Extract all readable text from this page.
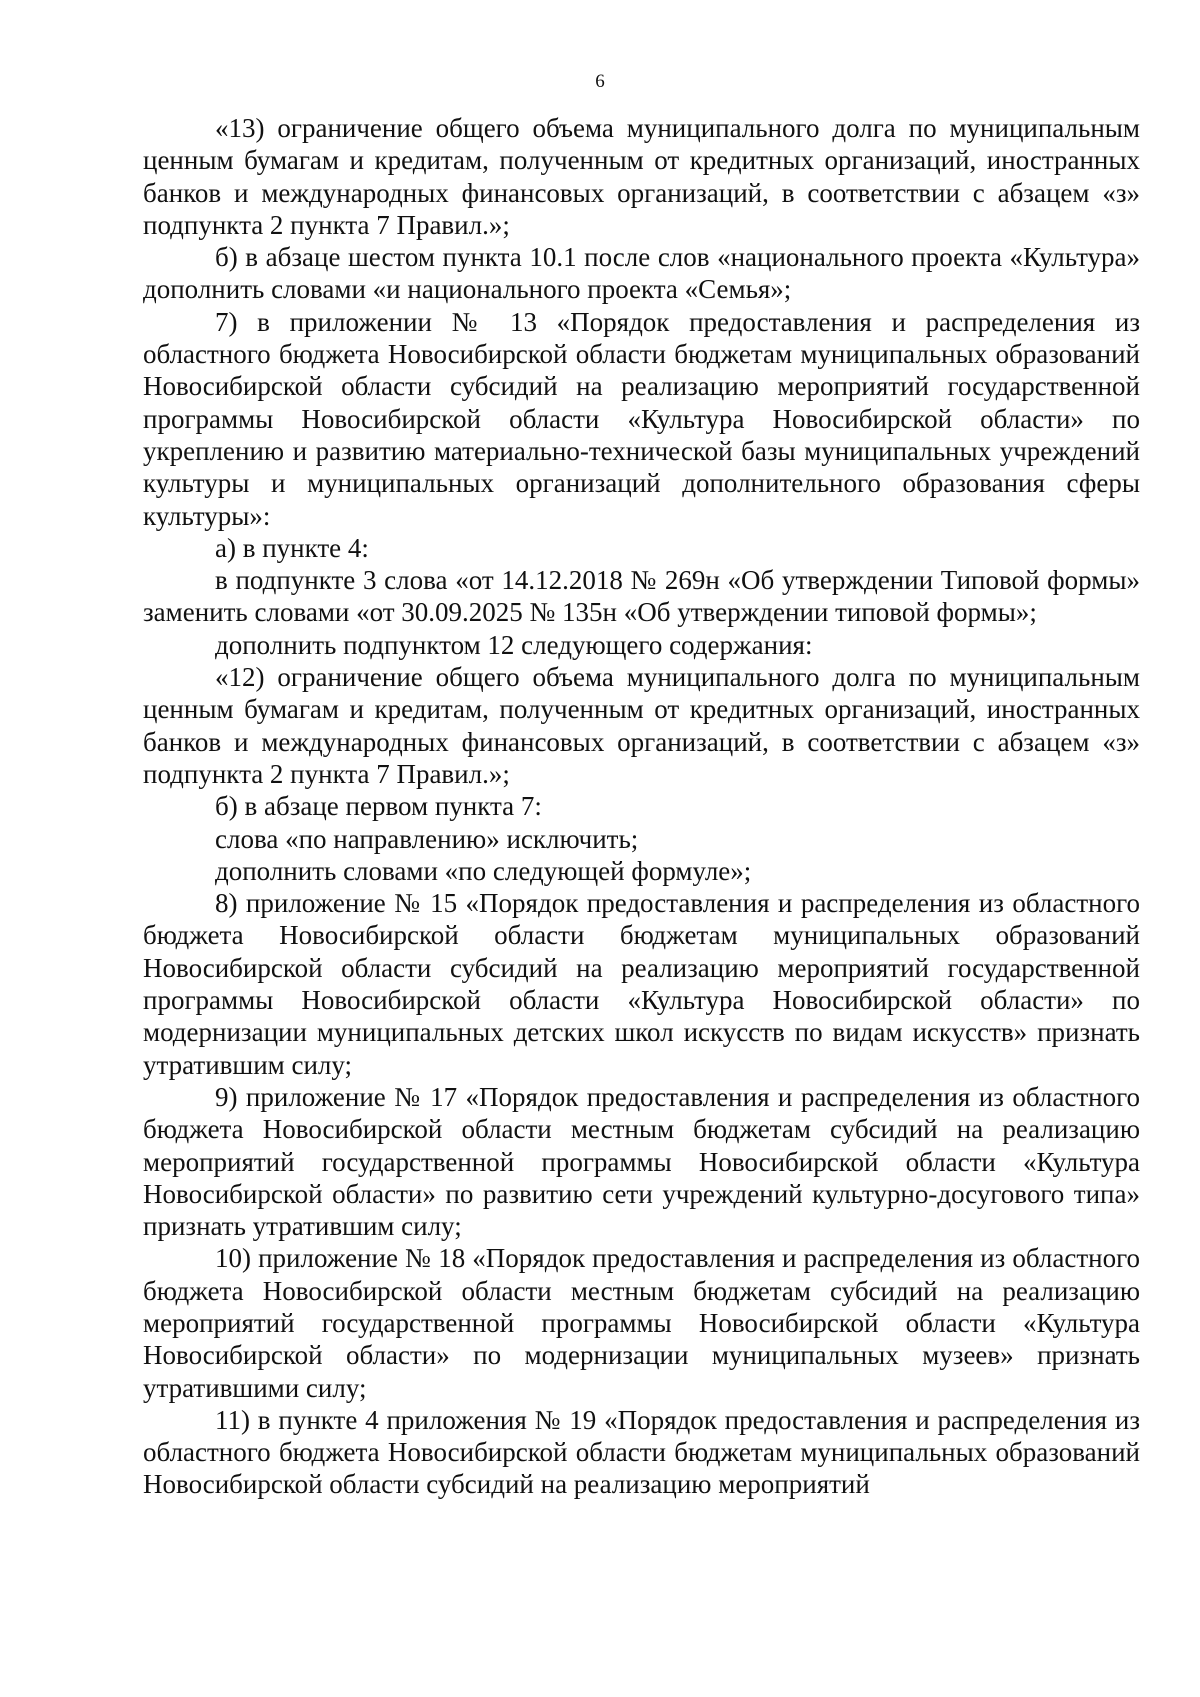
6

«13) ограничение общего объема муниципального долга по муниципальным ценным бумагам и кредитам, полученным от кредитных организаций, иностранных банков и международных финансовых организаций, в соответствии с абзацем «з» подпункта 2 пункта 7 Правил.»;

б) в абзаце шестом пункта 10.1 после слов «национального проекта «Культура» дополнить словами «и национального проекта «Семья»;

7) в приложении № 13 «Порядок предоставления и распределения из областного бюджета Новосибирской области бюджетам муниципальных образований Новосибирской области субсидий на реализацию мероприятий государственной программы Новосибирской области «Культура Новосибирской области» по укреплению и развитию материально-технической базы муниципальных учреждений культуры и муниципальных организаций дополнительного образования сферы культуры»:

а) в пункте 4:

в подпункте 3 слова «от 14.12.2018 № 269н «Об утверждении Типовой формы» заменить словами «от 30.09.2025 № 135н «Об утверждении типовой формы»;

дополнить подпунктом 12 следующего содержания:

«12) ограничение общего объема муниципального долга по муниципальным ценным бумагам и кредитам, полученным от кредитных организаций, иностранных банков и международных финансовых организаций, в соответствии с абзацем «з» подпункта 2 пункта 7 Правил.»;

б) в абзаце первом пункта 7:

слова «по направлению» исключить;

дополнить словами «по следующей формуле»;

8) приложение № 15 «Порядок предоставления и распределения из областного бюджета Новосибирской области бюджетам муниципальных образований Новосибирской области субсидий на реализацию мероприятий государственной программы Новосибирской области «Культура Новосибирской области» по модернизации муниципальных детских школ искусств по видам искусств» признать утратившим силу;

9) приложение № 17 «Порядок предоставления и распределения из областного бюджета Новосибирской области местным бюджетам субсидий на реализацию мероприятий государственной программы Новосибирской области «Культура Новосибирской области» по развитию сети учреждений культурно-досугового типа» признать утратившим силу;

10) приложение № 18 «Порядок предоставления и распределения из областного бюджета Новосибирской области местным бюджетам субсидий на реализацию мероприятий государственной программы Новосибирской области «Культура Новосибирской области» по модернизации муниципальных музеев» признать утратившими силу;

11) в пункте 4 приложения № 19 «Порядок предоставления и распределения из областного бюджета Новосибирской области бюджетам муниципальных образований Новосибирской области субсидий на реализацию мероприятий
